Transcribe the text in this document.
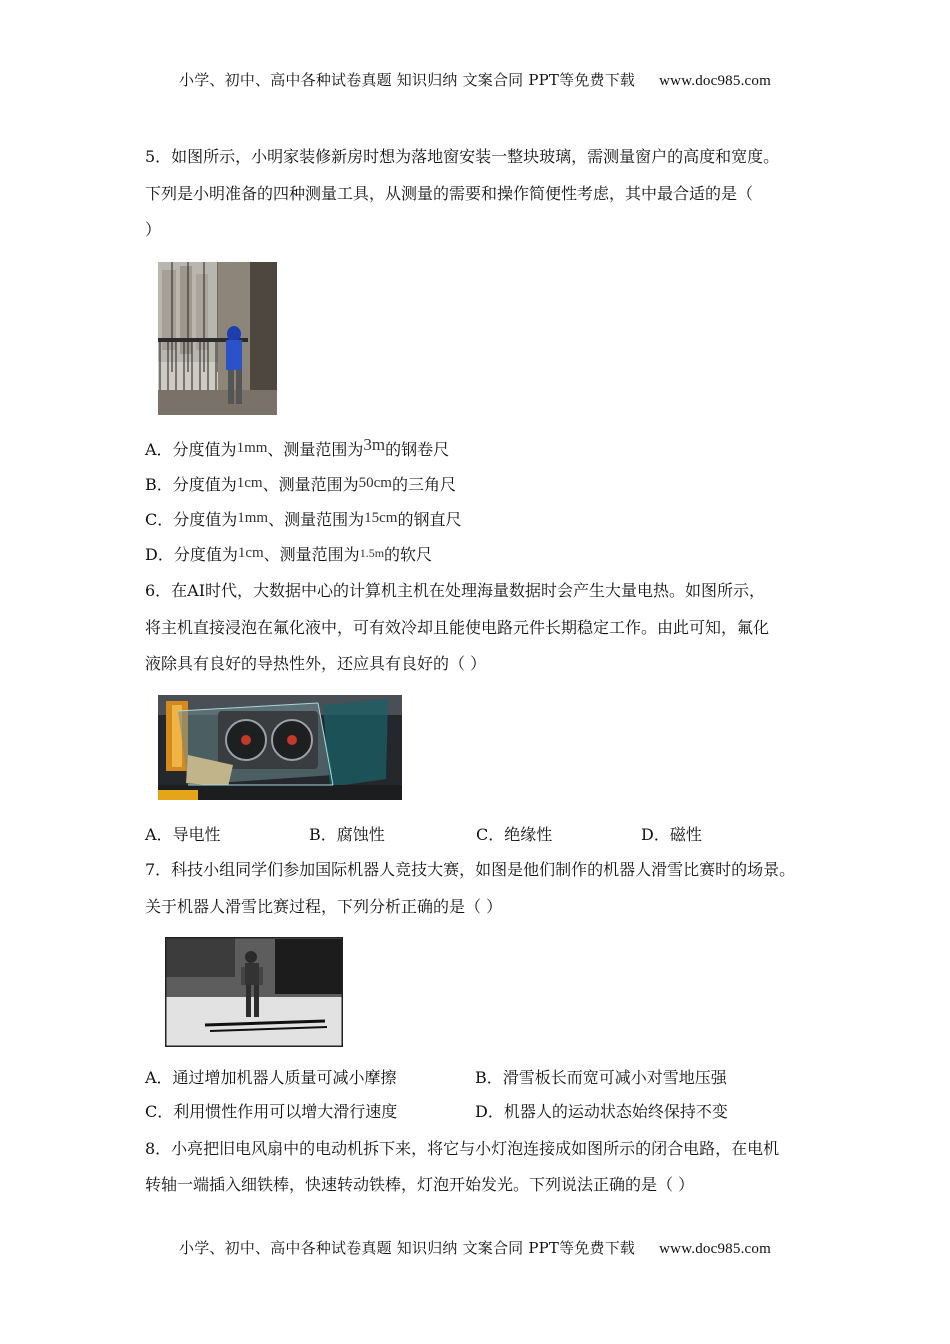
小学、初中、高中各种试卷真题 知识归纳 文案合同 PPT等免费下载 www.doc985.com
5．如图所示，小明家装修新房时想为落地窗安装一整块玻璃，需测量窗户的高度和宽度。
下列是小明准备的四种测量工具，从测量的需要和操作简便性考虑，其中最合适的是（
）
A．分度值为1mm、测量范围为3m的钢卷尺
B．分度值为1cm、测量范围为50cm的三角尺
C．分度值为1mm、测量范围为15cm的钢直尺
D．分度值为1cm、测量范围为1.5m的软尺
6．在AI时代，大数据中心的计算机主机在处理海量数据时会产生大量电热。如图所示，
将主机直接浸泡在氟化液中，可有效冷却且能使电路元件长期稳定工作。由此可知，氟化
液除具有良好的导热性外，还应具有良好的（ ）
A．导电性	B．腐蚀性	C．绝缘性	D．磁性
7．科技小组同学们参加国际机器人竞技大赛，如图是他们制作的机器人滑雪比赛时的场景。
关于机器人滑雪比赛过程，下列分析正确的是（ ）
A．通过增加机器人质量可减小摩擦	B．滑雪板长而宽可减小对雪地压强
C．利用惯性作用可以增大滑行速度	D．机器人的运动状态始终保持不变
8．小亮把旧电风扇中的电动机拆下来，将它与小灯泡连接成如图所示的闭合电路，在电机
转轴一端插入细铁棒，快速转动铁棒，灯泡开始发光。下列说法正确的是（ ）
小学、初中、高中各种试卷真题 知识归纳 文案合同 PPT等免费下载 www.doc985.com
